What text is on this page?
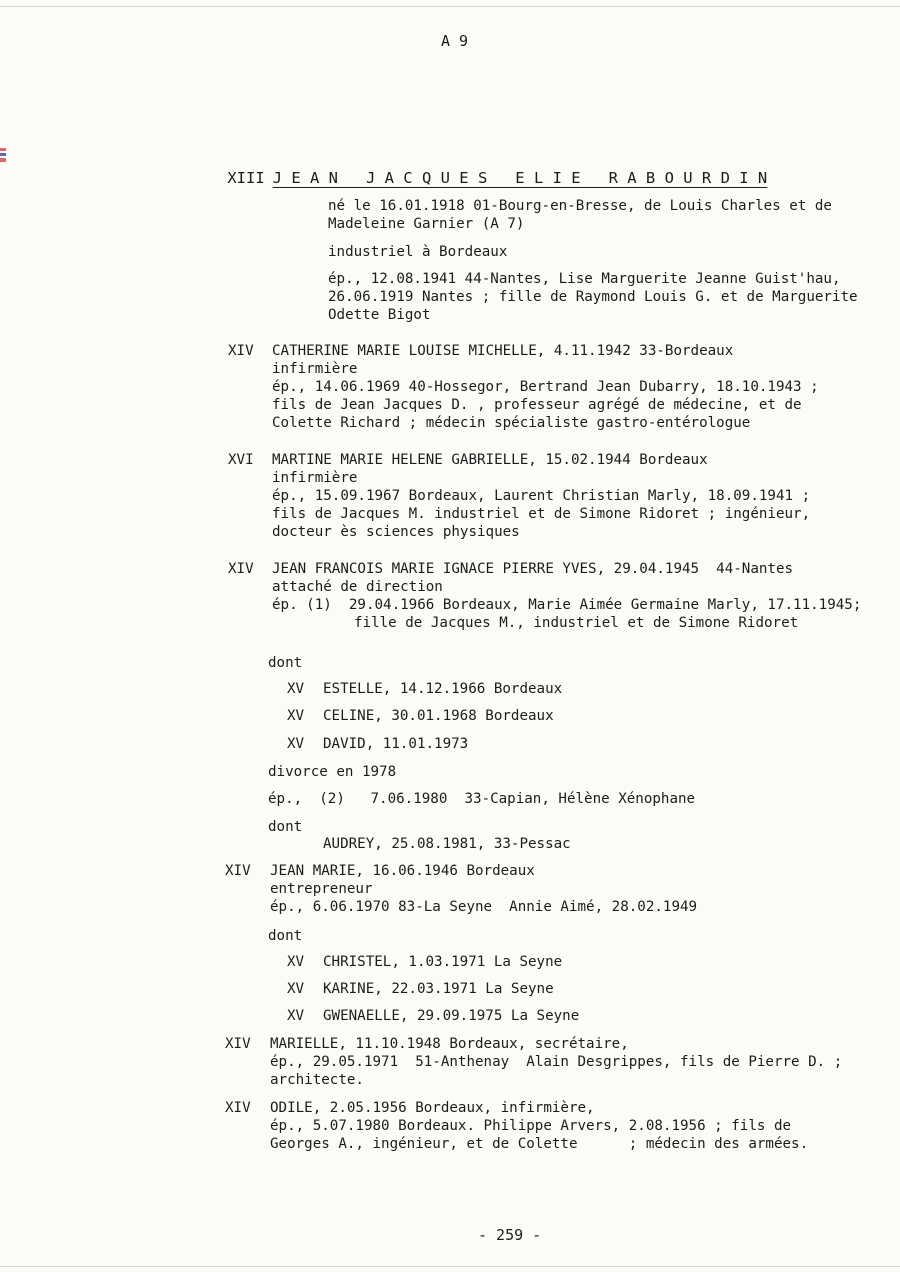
A 9

XIII J E A N   J A C Q U E S   E L I E   R A B O U R D I N

né le 16.01.1918 01-Bourg-en-Bresse, de Louis Charles et de
Madeleine Garnier (A 7)
industriel à Bordeaux
ép., 12.08.1941 44-Nantes, Lise Marguerite Jeanne Guist'hau,
26.06.1919 Nantes ; fille de Raymond Louis G. et de Marguerite
Odette Bigot
XIV CATHERINE MARIE LOUISE MICHELLE, 4.11.1942 33-Bordeaux
infirmière
ép., 14.06.1969 40-Hossegor, Bertrand Jean Dubarry, 18.10.1943 ;
fils de Jean Jacques D. , professeur agrégé de médecine, et de
Colette Richard ; médecin spécialiste gastro-entérologue
XVI MARTINE MARIE HELENE GABRIELLE, 15.02.1944 Bordeaux
infirmière
ép., 15.09.1967 Bordeaux, Laurent Christian Marly, 18.09.1941 ;
fils de Jacques M. industriel et de Simone Ridoret ; ingénieur,
docteur ès sciences physiques
XIV JEAN FRANCOIS MARIE IGNACE PIERRE YVES, 29.04.1945  44-Nantes
attaché de direction
ép. (1)  29.04.1966 Bordeaux, Marie Aimée Germaine Marly, 17.11.1945;
fille de Jacques M., industriel et de Simone Ridoret
dont
XV ESTELLE, 14.12.1966 Bordeaux
XV CELINE, 30.01.1968 Bordeaux
XV DAVID, 11.01.1973
divorce en 1978
ép.,  (2)   7.06.1980  33-Capian, Hélène Xénophane
dont
AUDREY, 25.08.1981, 33-Pessac
XIV JEAN MARIE, 16.06.1946 Bordeaux
entrepreneur
ép., 6.06.1970 83-La Seyne  Annie Aimé, 28.02.1949
dont
XV CHRISTEL, 1.03.1971 La Seyne
XV KARINE, 22.03.1971 La Seyne
XV GWENAELLE, 29.09.1975 La Seyne
XIV MARIELLE, 11.10.1948 Bordeaux, secrétaire,
ép., 29.05.1971  51-Anthenay  Alain Desgrippes, fils de Pierre D. ;
architecte.
XIV ODILE, 2.05.1956 Bordeaux, infirmière,
ép., 5.07.1980 Bordeaux. Philippe Arvers, 2.08.1956 ; fils de
Georges A., ingénieur, et de Colette      ; médecin des armées.
- 259 -
